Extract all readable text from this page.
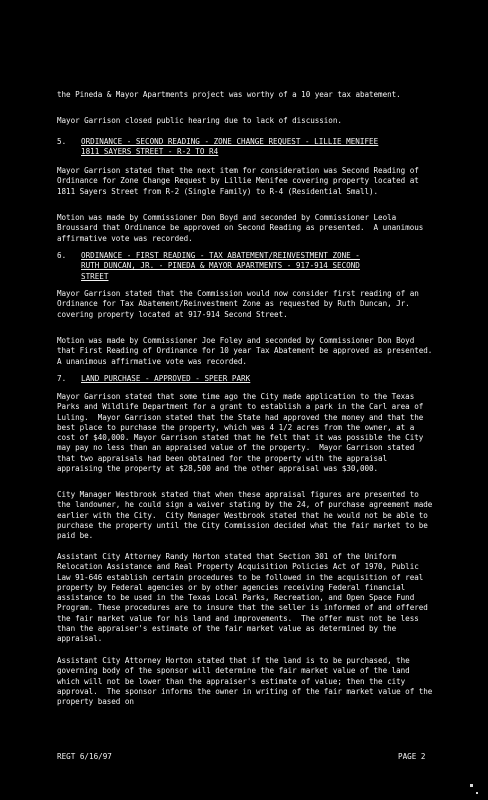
the Pineda & Mayor Apartments project was worthy of a 10 year tax abatement.
Mayor Garrison closed public hearing due to lack of discussion.
5. ORDINANCE - SECOND READING - ZONE CHANGE REQUEST - LILLIE MENIFEE
1811 SAYERS STREET - R-2 TO R4
Mayor Garrison stated that the next item for consideration was Second Reading of Ordinance for Zone Change Request by Lillie Menifee covering property located at 1811 Sayers Street from R-2 (Single Family) to R-4 (Residential Small).
Motion was made by Commissioner Don Boyd and seconded by Commissioner Leola Broussard that Ordinance be approved on Second Reading as presented.  A unanimous affirmative vote was recorded.
6. ORDINANCE - FIRST READING - TAX ABATEMENT/REINVESTMENT ZONE -
RUTH DUNCAN, JR. - PINEDA & MAYOR APARTMENTS - 917-914 SECOND
STREET
Mayor Garrison stated that the Commission would now consider first reading of an Ordinance for Tax Abatement/Reinvestment Zone as requested by Ruth Duncan, Jr. covering property located at 917-914 Second Street.
Motion was made by Commissioner Joe Foley and seconded by Commissioner Don Boyd that First Reading of Ordinance for 10 year Tax Abatement be approved as presented.  A unanimous affirmative vote was recorded.
7. LAND PURCHASE - APPROVED - SPEER PARK
Mayor Garrison stated that some time ago the City made application to the Texas Parks and Wildlife Department for a grant to establish a park in the Carl area of Luling.  Mayor Garrison stated that the State had approved the money and that the best place to purchase the property, which was 4 1/2 acres from the owner, at a cost of $40,000. Mayor Garrison stated that he felt that it was possible the City may pay no less than an appraised value of the property.  Mayor Garrison stated that two appraisals had been obtained for the property with the appraisal appraising the property at $28,500 and the other appraisal was $30,000.
City Manager Westbrook stated that when these appraisal figures are presented to the landowner, he could sign a waiver stating by the 24, of purchase agreement made earlier with the City.  City Manager Westbrook stated that he would not be able to purchase the property until the City Commission decided what the fair market to be paid be.
Assistant City Attorney Randy Horton stated that Section 301 of the Uniform Relocation Assistance and Real Property Acquisition Policies Act of 1970, Public Law 91-646 establish certain procedures to be followed in the acquisition of real property by Federal agencies or by other agencies receiving Federal financial assistance to be used in the Texas Local Parks, Recreation, and Open Space Fund Program. These procedures are to insure that the seller is informed of and offered the fair market value for his land and improvements.  The offer must not be less than the appraiser's estimate of the fair market value as determined by the appraisal.
Assistant City Attorney Horton stated that if the land is to be purchased, the governing body of the sponsor will determine the fair market value of the land which will not be lower than the appraiser's estimate of value; then the city approval.  The sponsor informs the owner in writing of the fair market value of the property based on
REGT 6/16/97	PAGE 2
